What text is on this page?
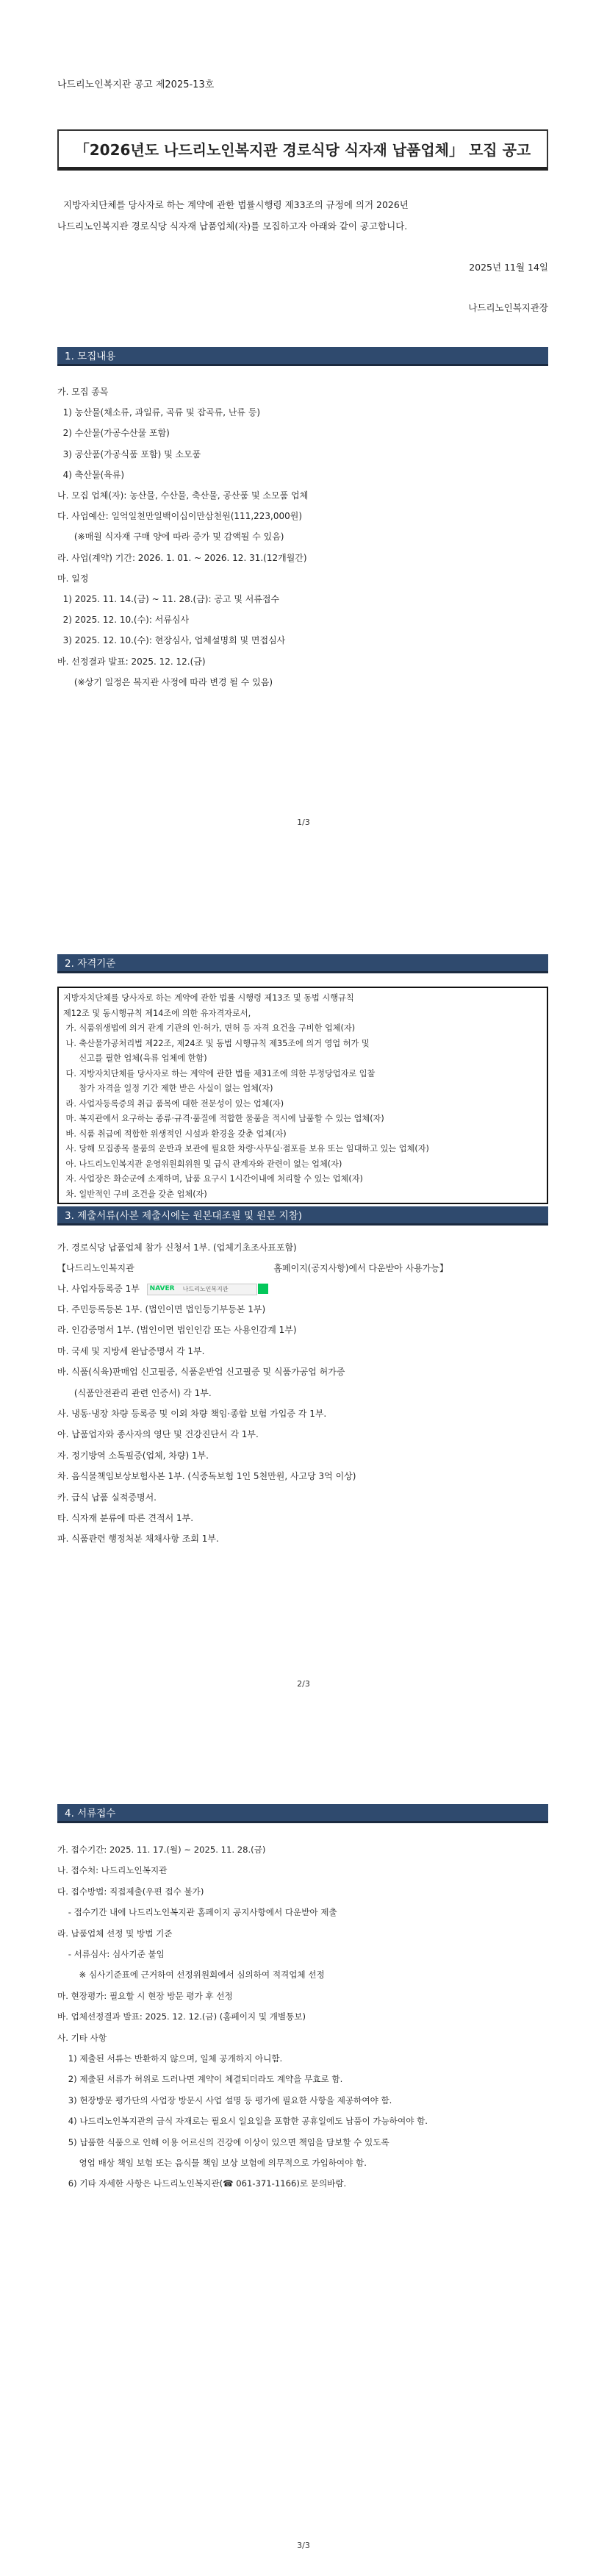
나드리노인복지관 공고 제2025-13호
「2026년도 나드리노인복지관 경로식당 식자재 납품업체」 모집 공고
지방자치단체를 당사자로 하는 계약에 관한 법률시행령 제33조의 규정에 의거 2026년
나드리노인복지관 경로식당 식자재 납품업체(자)를 모집하고자 아래와 같이 공고합니다.
2025년 11월 14일
나드리노인복지관장
1. 모집내용
가. 모집 종목
1) 농산물(채소류, 과일류, 곡류 및 잡곡류, 난류 등)
2) 수산물(가공수산물 포함)
3) 공산품(가공식품 포함) 및 소모품
4) 축산물(육류)
나. 모집 업체(자): 농산물, 수산물, 축산물, 공산품 및 소모품 업체
다. 사업예산: 일억일천만일백이십이만삼천원(111,223,000원)
(※매월 식자재 구매 양에 따라 증가 및 감액될 수 있음)
라. 사업(계약) 기간: 2026. 1. 01. ~ 2026. 12. 31.(12개월간)
마. 일정
1) 2025. 11. 14.(금) ~ 11. 28.(금): 공고 및 서류접수
2) 2025. 12. 10.(수): 서류심사
3) 2025. 12. 10.(수): 현장심사, 업체설명회 및 면접심사
바. 선정결과 발표: 2025. 12. 12.(금)
(※상기 일정은 복지관 사정에 따라 변경 될 수 있음)
1/3
2. 자격기준
지방자치단체를 당사자로 하는 계약에 관한 법률 시행령 제13조 및 동법 시행규칙
제12조 및 동시행규칙 제14조에 의한 유자격자로서,
가. 식품위생법에 의거 관계 기관의 인·허가, 면허 등 자격 요건을 구비한 업체(자)
나. 축산물가공처리법 제22조, 제24조 및 동법 시행규칙 제35조에 의거 영업 허가 및
신고를 필한 업체(육류 업체에 한함)
다. 지방자치단체를 당사자로 하는 계약에 관한 법률 제31조에 의한 부정당업자로 입찰
참가 자격을 일정 기간 제한 받은 사실이 없는 업체(자)
라. 사업자등록증의 취급 품목에 대한 전문성이 있는 업체(자)
마. 복지관에서 요구하는 종류·규격·품질에 적합한 물품을 적시에 납품할 수 있는 업체(자)
바. 식품 취급에 적합한 위생적인 시설과 환경을 갖춘 업체(자)
사. 당해 모집종목 물품의 운반과 보관에 필요한 차량·사무실·점포를 보유 또는 임대하고 있는 업체(자)
아. 나드리노인복지관 운영위원회위원 및 급식 관계자와 관련이 없는 업체(자)
자. 사업장은 화순군에 소재하며, 납품 요구시 1시간이내에 처리할 수 있는 업체(자)
차. 일반적인 구비 조건을 갖춘 업체(자)
3. 제출서류(사본 제출시에는 원본대조필 및 원본 지참)
가. 경로식당 납품업체 참가 신청서 1부. (업체기초조사표포함)
【나드리노인복지관	홈페이지(공지사항)에서 다운받아 사용가능】
나. 사업자등록증 1부 NAVER 나드리노인복지관
다. 주민등록등본 1부. (법인이면 법인등기부등본 1부)
라. 인감증명서 1부. (법인이면 법인인감 또는 사용인감계 1부)
마. 국세 및 지방세 완납증명서 각 1부.
바. 식품(식육)판매업 신고필증, 식품운반업 신고필증 및 식품가공업 허가증
(식품안전관리 관련 인증서) 각 1부.
사. 냉동·냉장 차량 등록증 및 이외 차량 책임·종합 보험 가입증 각 1부.
아. 납품업자와 종사자의 영단 및 건강진단서 각 1부.
자. 정기방역 소독필증(업체, 차량) 1부.
차. 음식물책임보상보험사본 1부. (식중독보험 1인 5천만원, 사고당 3억 이상)
카. 급식 납품 실적증명서.
타. 식자재 분류에 따른 견적서 1부.
파. 식품관련 행정처분 채채사항 조회 1부.
2/3
4. 서류접수
가. 접수기간: 2025. 11. 17.(월) ~ 2025. 11. 28.(금)
나. 접수처: 나드리노인복지관
다. 접수방법: 직접제출(우편 접수 불가)
- 접수기간 내에 나드리노인복지관 홈페이지 공지사항에서 다운받아 제출
라. 납품업체 선정 및 방법 기준
- 서류심사: 심사기준 불임
※ 심사기준표에 근거하여 선정위원회에서 심의하여 적격업체 선정
마. 현장평가: 필요할 시 현장 방문 평가 후 선정
바. 업체선정결과 발표: 2025. 12. 12.(금) (홈페이지 및 개별통보)
사. 기타 사항
1) 제출된 서류는 반환하지 않으며, 일체 공개하지 아니함.
2) 제출된 서류가 허위로 드러나면 계약이 체결되더라도 계약을 무효로 함.
3) 현장방문 평가단의 사업장 방문시 사업 설명 등 평가에 필요한 사항을 제공하여야 함.
4) 나드리노인복지관의 급식 자재로는 필요시 일요일을 포함한 공휴일에도 납품이 가능하여야 함.
5) 납품한 식품으로 인해 이용 어르신의 건강에 이상이 있으면 책임을 담보할 수 있도록
영업 배상 책임 보험 또는 음식물 책임 보상 보험에 의무적으로 가입하여야 함.
6) 기타 자세한 사항은 나드리노인복지관(☎ 061-371-1166)로 문의바람.
3/3
